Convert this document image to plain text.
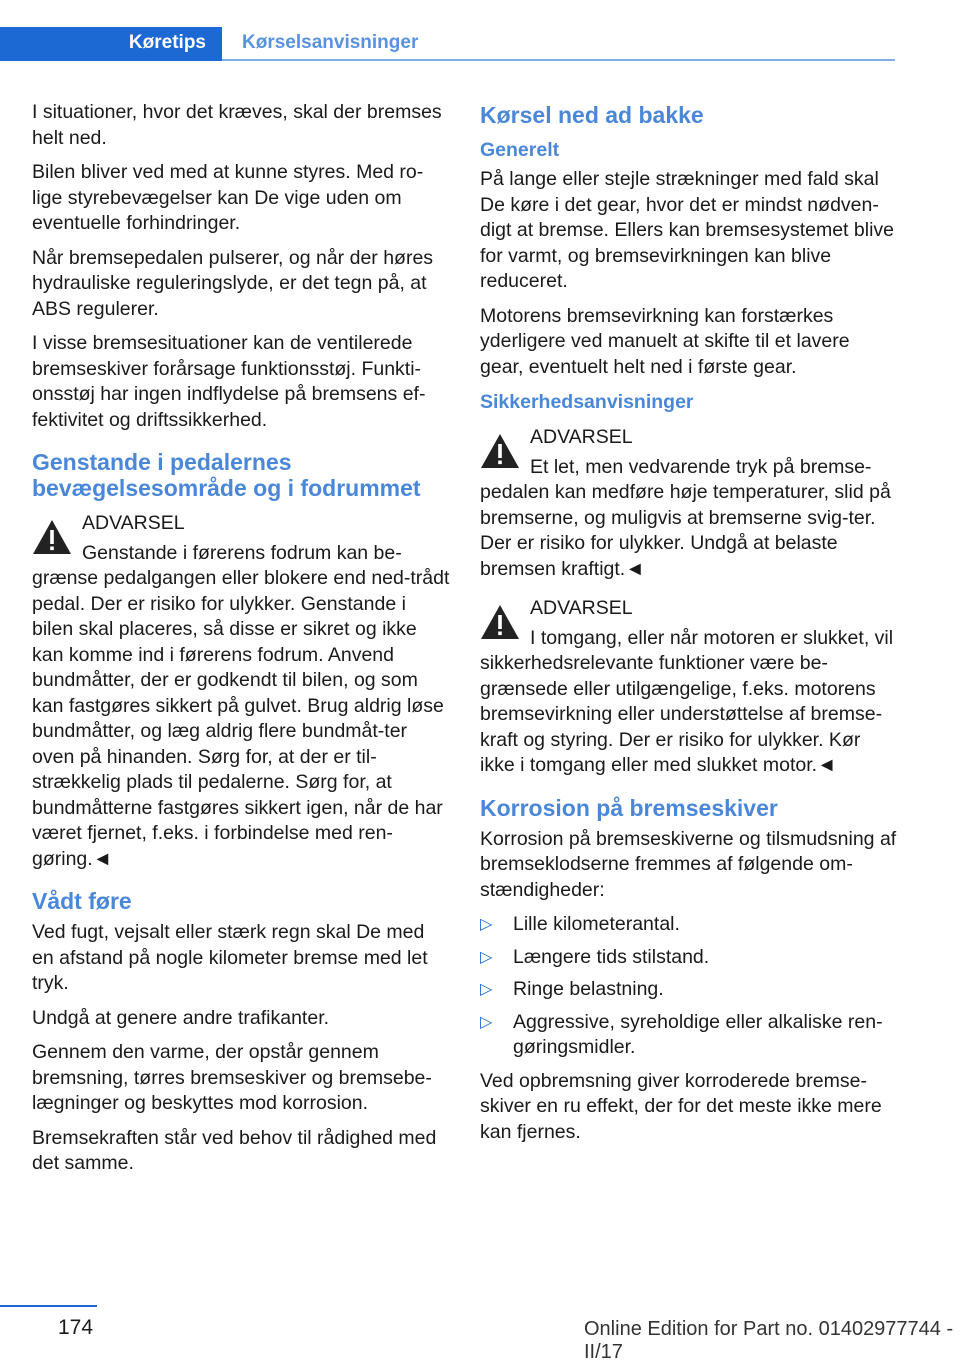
Køretips	Kørselsanvisninger

I situationer, hvor det kræves, skal der bremses helt ned.

Bilen bliver ved med at kunne styres. Med ro‐lige styrebevægelser kan De vige uden om eventuelle forhindringer.

Når bremsepedalen pulserer, og når der høres hydrauliske reguleringslyde, er det tegn på, at ABS regulerer.

I visse bremsesituationer kan de ventilerede bremseskiver forårsage funktionsstøj. Funkti‐onsstøj har ingen indflydelse på bremsens ef‐fektivitet og driftssikkerhed.

Genstande i pedalernes bevægelsesområde og i fodrummet

ADVARSEL

Genstande i førerens fodrum kan be‐grænse pedalgangen eller blokere end ned‐trådt pedal. Der er risiko for ulykker. Genstande i bilen skal placeres, så disse er sikret og ikke kan komme ind i førerens fodrum. Anvend bundmåtter, der er godkendt til bilen, og som kan fastgøres sikkert på gulvet. Brug aldrig løse bundmåtter, og læg aldrig flere bundmåt‐ter oven på hinanden. Sørg for, at der er til‐strækkelig plads til pedalerne. Sørg for, at bundmåtterne fastgøres sikkert igen, når de har været fjernet, f.eks. i forbindelse med ren‐gøring.◄

Vådt føre

Ved fugt, vejsalt eller stærk regn skal De med en afstand på nogle kilometer bremse med let tryk.

Undgå at genere andre trafikanter.

Gennem den varme, der opstår gennem bremsning, tørres bremseskiver og bremsebe‐lægninger og beskyttes mod korrosion.

Bremsekraften står ved behov til rådighed med det samme.

Kørsel ned ad bakke
Generelt

På lange eller stejle strækninger med fald skal De køre i det gear, hvor det er mindst nødven‐digt at bremse. Ellers kan bremsesystemet blive for varmt, og bremsevirkningen kan blive reduceret.

Motorens bremsevirkning kan forstærkes yderligere ved manuelt at skifte til et lavere gear, eventuelt helt ned i første gear.

Sikkerhedsanvisninger

ADVARSEL

Et let, men vedvarende tryk på bremse‐pedalen kan medføre høje temperaturer, slid på bremserne, og muligvis at bremserne svig‐ter. Der er risiko for ulykker. Undgå at belaste bremsen kraftigt.◄

ADVARSEL

I tomgang, eller når motoren er slukket, vil sikkerhedsrelevante funktioner være be‐grænsede eller utilgængelige, f.eks. motorens bremsevirkning eller understøttelse af bremse‐kraft og styring. Der er risiko for ulykker. Kør ikke i tomgang eller med slukket motor.◄

Korrosion på bremseskiver

Korrosion på bremseskiverne og tilsmudsning af bremseklodserne fremmes af følgende om‐stændigheder:

▷ Lille kilometerantal.
▷ Længere tids stilstand.
▷ Ringe belastning.
▷ Aggressive, syreholdige eller alkaliske ren‐gøringsmidler.

Ved opbremsning giver korroderede bremse‐skiver en ru effekt, der for det meste ikke mere kan fjernes.

174	Online Edition for Part no. 01402977744 - II/17
